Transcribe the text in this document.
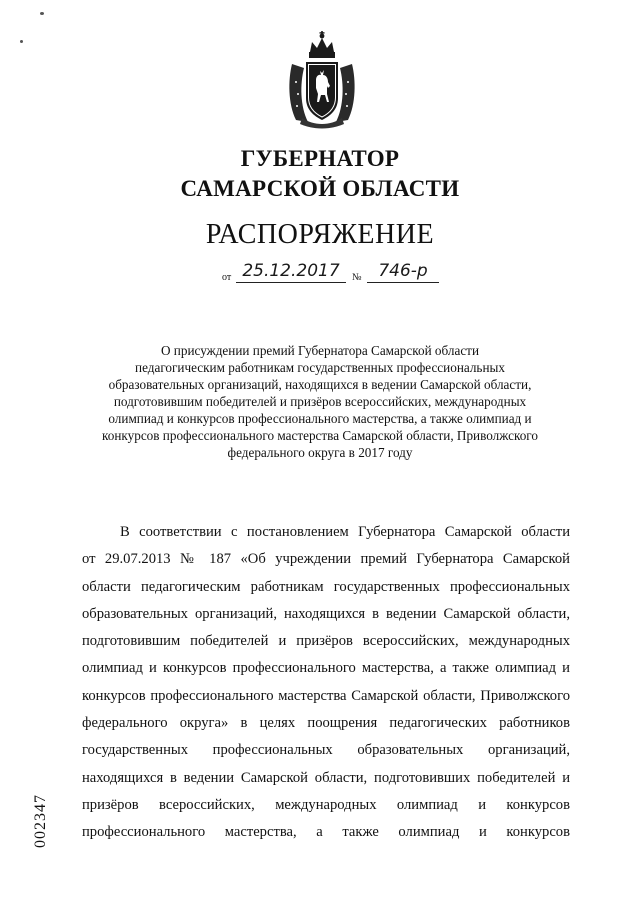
ГУБЕРНАТОР
САМАРСКОЙ ОБЛАСТИ
РАСПОРЯЖЕНИЕ
от 25.12.2017	№ 746-р
О присуждении премий Губернатора Самарской области
педагогическим работникам государственных профессиональных
образовательных организаций, находящихся в ведении Самарской области,
подготовившим победителей и призёров всероссийских, международных
олимпиад и конкурсов профессионального мастерства, а также олимпиад и
конкурсов профессионального мастерства Самарской области, Приволжского
федерального округа в 2017 году
В соответствии с постановлением Губернатора Самарской области
от 29.07.2013 № 187 «Об учреждении премий Губернатора Самарской
области педагогическим работникам государственных профессиональных
образовательных организаций, находящихся в ведении Самарской области,
подготовившим победителей и призёров всероссийских, международных
олимпиад и конкурсов профессионального мастерства, а также олимпиад и
конкурсов профессионального мастерства Самарской области, Приволжского
федерального округа» в целях поощрения педагогических работников
государственных профессиональных образовательных организаций,
находящихся в ведении Самарской области, подготовивших победителей и
призёров всероссийских, международных олимпиад и конкурсов
профессионального мастерства, а также олимпиад и конкурсов
002347
